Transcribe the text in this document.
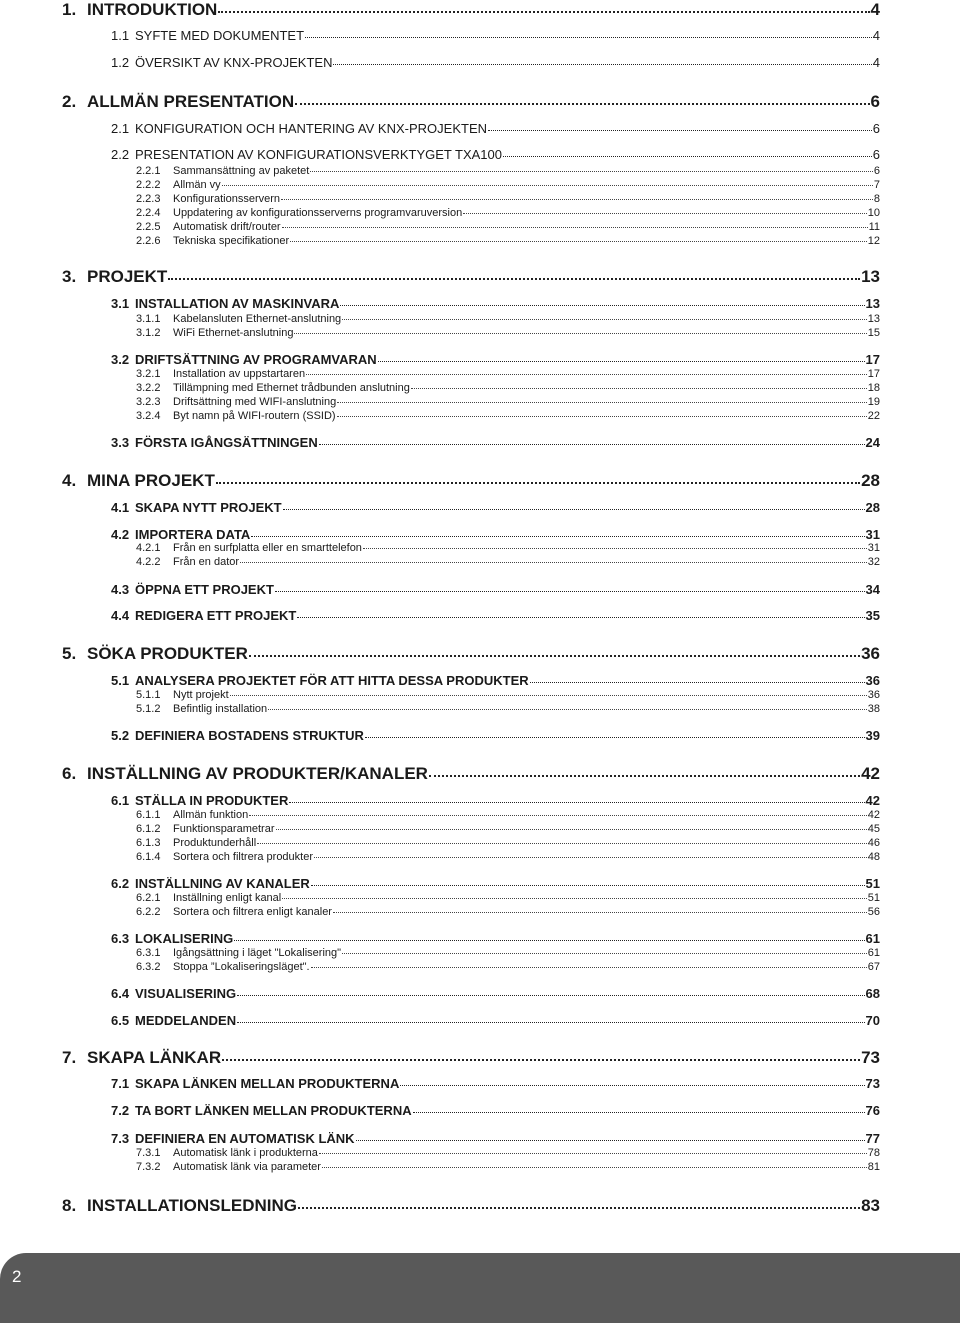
1. INTRODUKTION	4
1.1 SYFTE MED DOKUMENTET	4
1.2 ÖVERSIKT AV KNX-PROJEKTEN	4
2. ALLMÄN PRESENTATION	6
2.1 KONFIGURATION OCH HANTERING AV KNX-PROJEKTEN	6
2.2 PRESENTATION AV KONFIGURATIONSVERKTYGET TXA100	6
2.2.1	Sammansättning av paketet	6
2.2.2	Allmän vy	7
2.2.3	Konfigurationsservern	8
2.2.4	Uppdatering av konfigurationsserverns programvaruversion	10
2.2.5	Automatisk drift/router	11
2.2.6	Tekniska specifikationer	12
3. PROJEKT	13
3.1 INSTALLATION AV MASKINVARA	13
3.1.1	Kabelansluten Ethernet-anslutning	13
3.1.2	WiFi Ethernet-anslutning	15
3.2 DRIFTSÄTTNING AV PROGRAMVARAN	17
3.2.1	Installation av uppstartaren	17
3.2.2	Tillämpning med Ethernet trådbunden anslutning	18
3.2.3	Driftsättning med WIFI-anslutning	19
3.2.4	Byt namn på WIFI-routern (SSID)	22
3.3 FÖRSTA IGÅNGSÄTTNINGEN	24
4. MINA PROJEKT	28
4.1 SKAPA NYTT PROJEKT	28
4.2 IMPORTERA DATA	31
4.2.1	Från en surfplatta eller en smarttelefon	31
4.2.2	Från en dator	32
4.3 ÖPPNA ETT PROJEKT	34
4.4 REDIGERA ETT PROJEKT	35
5. SÖKA PRODUKTER	36
5.1 ANALYSERA PROJEKTET FÖR ATT HITTA DESSA PRODUKTER	36
5.1.1	Nytt projekt	36
5.1.2	Befintlig installation	38
5.2 DEFINIERA BOSTADENS STRUKTUR	39
6. INSTÄLLNING AV PRODUKTER/KANALER	42
6.1 STÄLLA IN PRODUKTER	42
6.1.1	Allmän funktion	42
6.1.2	Funktionsparametrar	45
6.1.3	Produktunderhåll	46
6.1.4	Sortera och filtrera produkter	48
6.2 INSTÄLLNING AV KANALER	51
6.2.1	Inställning enligt kanal	51
6.2.2	Sortera och filtrera enligt kanaler	56
6.3 LOKALISERING	61
6.3.1	Igångsättning i läget "Lokalisering"	61
6.3.2	Stoppa ”Lokaliseringsläget".	67
6.4 VISUALISERING	68
6.5 MEDDELANDEN	70
7. SKAPA LÄNKAR	73
7.1 SKAPA LÄNKEN MELLAN PRODUKTERNA	73
7.2 TA BORT LÄNKEN MELLAN PRODUKTERNA	76
7.3 DEFINIERA EN AUTOMATISK LÄNK	77
7.3.1	Automatisk länk i produkterna	78
7.3.2	Automatisk länk via parameter	81
8. INSTALLATIONSLEDNING	83
2
